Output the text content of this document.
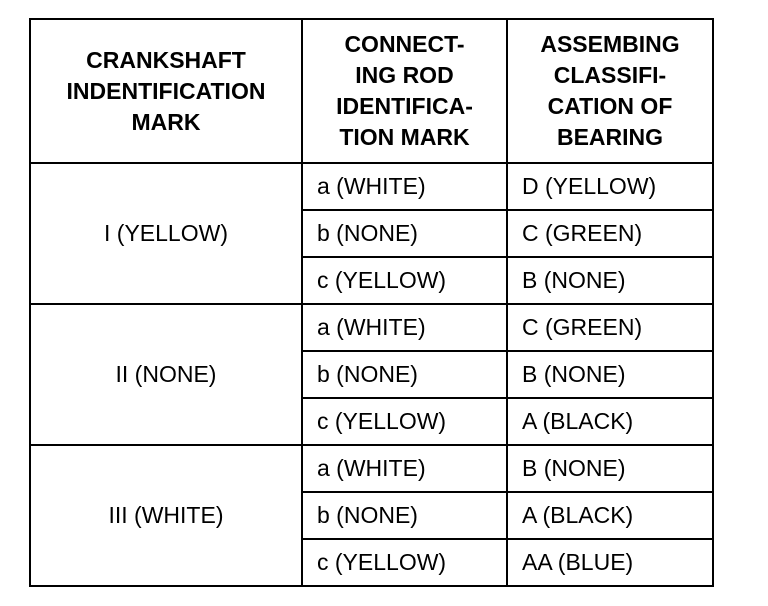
CRANKSHAFT
INDENTIFICATION
MARK	CONNECT-
ING ROD
IDENTIFICA-
TION MARK	ASSEMBING
CLASSIFI-
CATION OF
BEARING
I (YELLOW)	a (WHITE)	D (YELLOW)
	b (NONE)	C (GREEN)
	c (YELLOW)	B (NONE)
II (NONE)	a (WHITE)	C (GREEN)
	b (NONE)	B (NONE)
	c (YELLOW)	A (BLACK)
III (WHITE)	a (WHITE)	B (NONE)
	b (NONE)	A (BLACK)
	c (YELLOW)	AA (BLUE)
